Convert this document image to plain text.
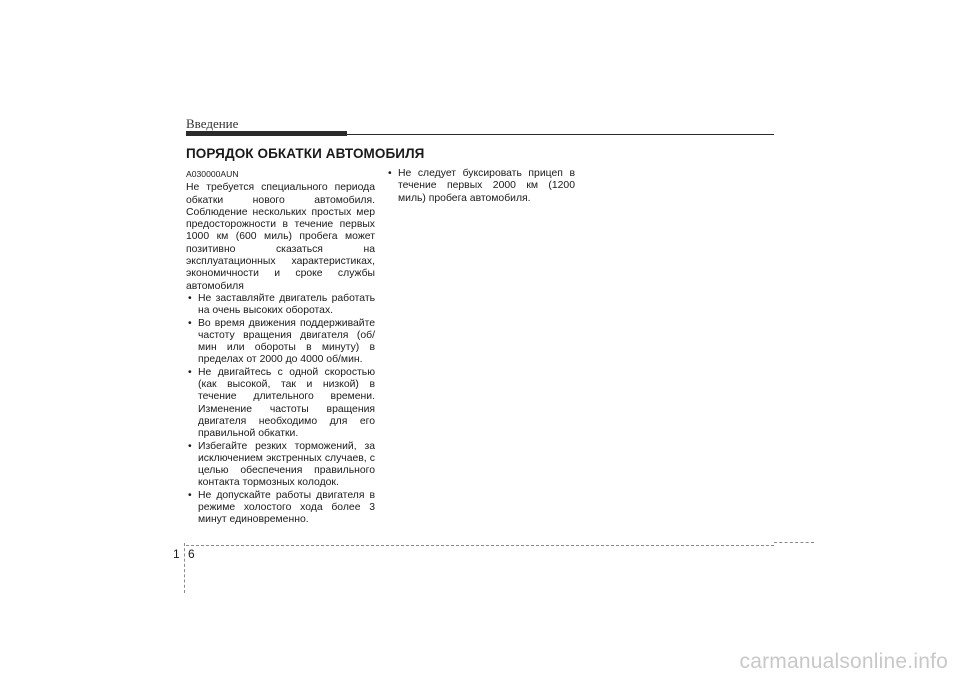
Введение
ПОРЯДОК ОБКАТКИ АВТОМОБИЛЯ
A030000AUN
Не требуется специального периода обкатки нового автомобиля. Соблюдение нескольких простых мер предосторожности в течение первых 1000 км (600 миль) пробега может позитивно сказаться на эксплуатационных характеристиках, экономичности и сроке службы автомобиля
• Не заставляйте двигатель работать на очень высоких оборотах.
• Во время движения поддерживайте частоту вращения двигателя (об/мин или обороты в минуту) в пределах от 2000 до 4000 об/мин.
• Не двигайтесь с одной скоростью (как высокой, так и низкой) в течение длительного времени. Изменение частоты вращения двигателя необходимо для его правильной обкатки.
• Избегайте резких торможений, за исключением экстренных случаев, с целью обеспечения правильного контакта тормозных колодок.
• Не допускайте работы двигателя в режиме холостого хода более 3 минут единовременно.
• Не следует буксировать прицеп в течение первых 2000 км (1200 миль) пробега автомобиля.
1 6
carmanualsonline.info
